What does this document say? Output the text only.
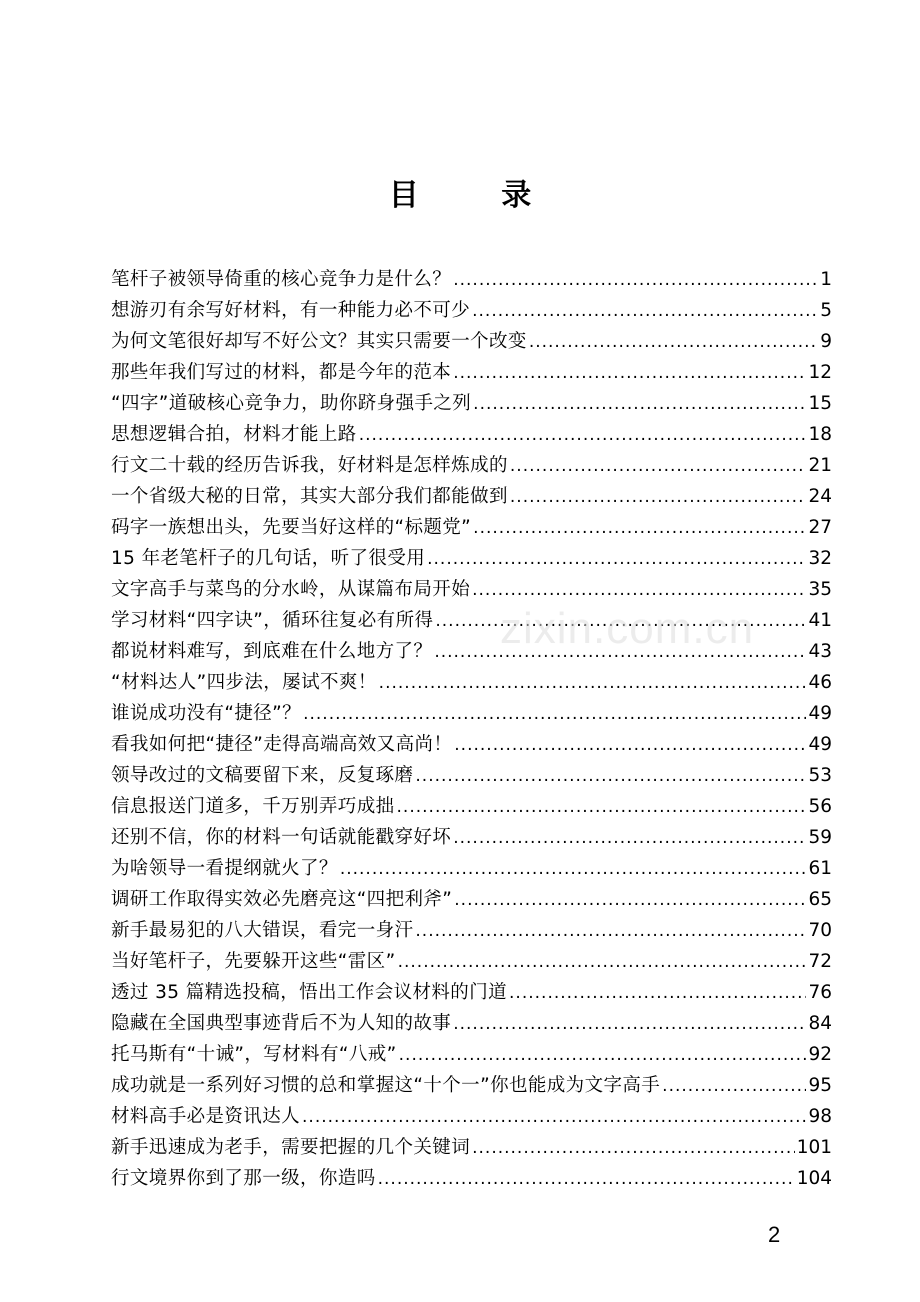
目 录
笔杆子被领导倚重的核心竞争力是什么？ .....	1
想游刃有余写好材料，有一种能力必不可少 .....	5
为何文笔很好却写不好公文？其实只需要一个改变 .....	9
那些年我们写过的材料，都是今年的范本 .....	12
“四字”道破核心竞争力，助你跻身强手之列 .....	15
思想逻辑合拍，材料才能上路 .....	18
行文二十载的经历告诉我，好材料是怎样炼成的 .....	21
一个省级大秘的日常，其实大部分我们都能做到 .....	24
码字一族想出头，先要当好这样的“标题党” .....	27
15 年老笔杆子的几句话，听了很受用 .....	32
文字高手与菜鸟的分水岭，从谋篇布局开始 .....	35
学习材料“四字诀”，循环往复必有所得 .....	41
都说材料难写，到底难在什么地方了？ .....	43
“材料达人”四步法，屡试不爽！ .....	46
谁说成功没有“捷径”？ .....	49
看我如何把“捷径”走得高端高效又高尚！ .....	49
领导改过的文稿要留下来，反复琢磨 .....	53
信息报送门道多，千万别弄巧成拙 .....	56
还别不信，你的材料一句话就能戳穿好坏 .....	59
为啥领导一看提纲就火了？ .....	61
调研工作取得实效必先磨亮这“四把利斧” .....	65
新手最易犯的八大错误，看完一身汗 .....	70
当好笔杆子，先要躲开这些“雷区” .....	72
透过 35 篇精选投稿，悟出工作会议材料的门道 .....	76
隐藏在全国典型事迹背后不为人知的故事 .....	84
托马斯有“十诫”，写材料有“八戒” .....	92
成功就是一系列好习惯的总和掌握这“十个一”你也能成为文字高手 .....	95
材料高手必是资讯达人 .....	98
新手迅速成为老手，需要把握的几个关键词 .....	101
行文境界你到了那一级，你造吗 .....	104
zixin.com.cn
2
